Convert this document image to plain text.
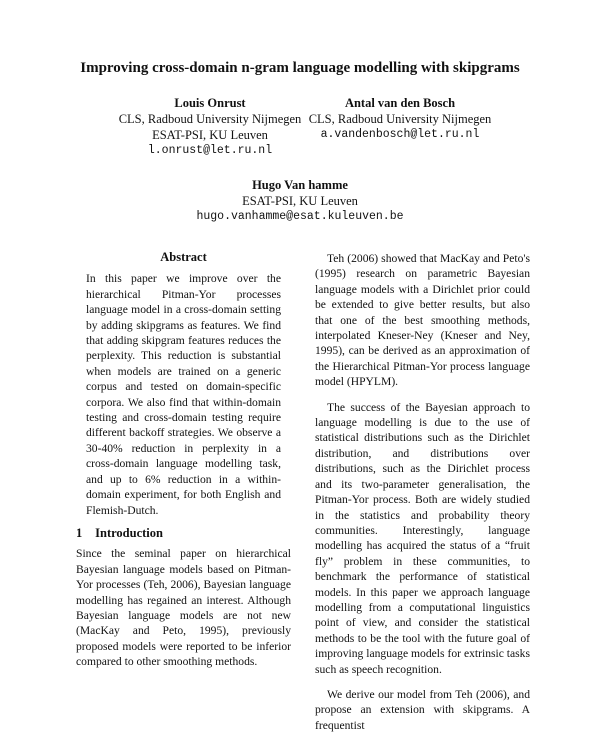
Improving cross-domain n-gram language modelling with skipgrams
Louis Onrust
CLS, Radboud University Nijmegen
ESAT-PSI, KU Leuven
l.onrust@let.ru.nl
Antal van den Bosch
CLS, Radboud University Nijmegen
a.vandenbosch@let.ru.nl
Hugo Van hamme
ESAT-PSI, KU Leuven
hugo.vanhamme@esat.kuleuven.be
Abstract

In this paper we improve over the hierarchical Pitman-Yor processes language model in a cross-domain setting by adding skipgrams as features. We find that adding skipgram features reduces the perplexity. This reduction is substantial when models are trained on a generic corpus and tested on domain-specific corpora. We also find that within-domain testing and cross-domain testing require different backoff strategies. We observe a 30-40% reduction in perplexity in a cross-domain language modelling task, and up to 6% reduction in a within-domain experiment, for both English and Flemish-Dutch.

1 Introduction

Since the seminal paper on hierarchical Bayesian language models based on Pitman-Yor processes (Teh, 2006), Bayesian language modelling has regained an interest. Although Bayesian language models are not new (MacKay and Peto, 1995), previously proposed models were reported to be inferior compared to other smoothing methods.

Teh (2006) showed that MacKay and Peto's (1995) research on parametric Bayesian language models with a Dirichlet prior could be extended to give better results, but also that one of the best smoothing methods, interpolated Kneser-Ney (Kneser and Ney, 1995), can be derived as an approximation of the Hierarchical Pitman-Yor process language model (HPYLM).

The success of the Bayesian approach to language modelling is due to the use of statistical distributions such as the Dirichlet distribution, and distributions over distributions, such as the Dirichlet process and its two-parameter generalisation, the Pitman-Yor process. Both are widely studied in the statistics and probability theory communities. Interestingly, language modelling has acquired the status of a “fruit fly” problem in these communities, to benchmark the performance of statistical models. In this paper we approach language modelling from a computational linguistics point of view, and consider the statistical methods to be the tool with the future goal of improving language models for extrinsic tasks such as speech recognition.

We derive our model from Teh (2006), and propose an extension with skipgrams. A frequentist
